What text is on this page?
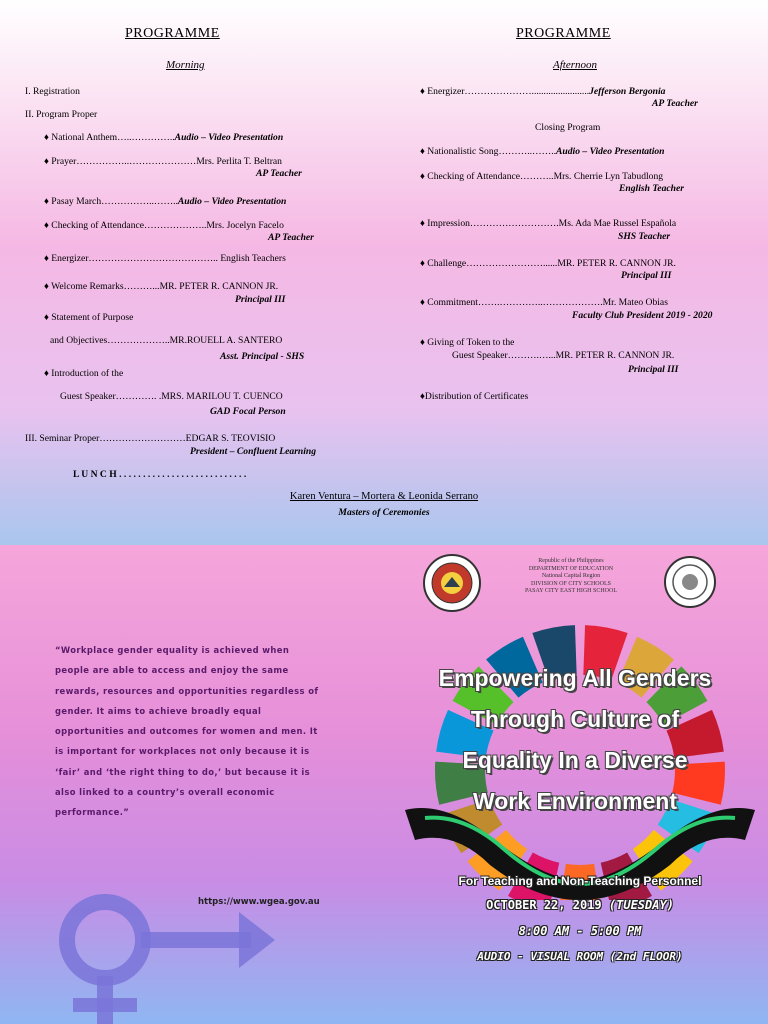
PROGRAMME
Morning
I. Registration
II. Program Proper
♦ National Anthem…..…………..Audio – Video Presentation
♦ Prayer……………..…………………Mrs. Perlita T. Beltran
AP Teacher
♦ Pasay March……………..……..Audio – Video Presentation
♦ Checking of Attendance………………..Mrs. Jocelyn Facelo
AP Teacher
♦ Energizer………………………………….. English Teachers
♦ Welcome Remarks………...MR. PETER R. CANNON JR.
Principal III
♦ Statement of Purpose
and Objectives………………..MR.ROUELL A. SANTERO
Asst. Principal - SHS
♦ Introduction of the
Guest Speaker…………. .MRS. MARILOU T. CUENCO
GAD Focal Person
III. Seminar Proper………………………EDGAR S. TEOVISIO
President – Confluent Learning
L U N C H . . . . . . . . . . . . . . . . . . . . . . . . . . .
PROGRAMME
Afternoon
♦ Energizer…………………........................Jefferson Bergonia
AP Teacher
Closing Program
♦ Nationalistic Song………..……..Audio – Video Presentation
♦ Checking of Attendance………..Mrs. Cherrie Lyn Tabudlong
English Teacher
♦ Impression……………………….Ms. Ada Mae Russel Española
SHS Teacher
♦ Challenge……………………......MR. PETER R. CANNON JR.
Principal III
♦ Commitment…….…………..……………….Mr. Mateo Obias
Faculty Club President 2019 - 2020
♦ Giving of Token to the
Guest Speaker……….…...MR. PETER R. CANNON JR.
Principal III
♦Distribution of Certificates
Karen Ventura – Mortera & Leonida Serrano
Masters of Ceremonies
Republic of the Philippines
DEPARTMENT OF EDUCATION
National Capital Region
DIVISION OF CITY SCHOOLS
PASAY CITY EAST HIGH SCHOOL
“Workplace gender equality is achieved when people are able to access and enjoy the same rewards, resources and opportunities regardless of gender. It aims to achieve broadly equal opportunities and outcomes for women and men. It is important for workplaces not only because it is ‘fair’ and ‘the right thing to do,’ but because it is also linked to a country’s overall economic performance.”
https://www.wgea.gov.au
Empowering All Genders
Through Culture of
Equality In a Diverse
Work Environment
For Teaching and Non-Teaching Personnel
OCTOBER 22, 2019 (TUESDAY)
8:00 AM - 5:00 PM
AUDIO - VISUAL ROOM (2nd FLOOR)
